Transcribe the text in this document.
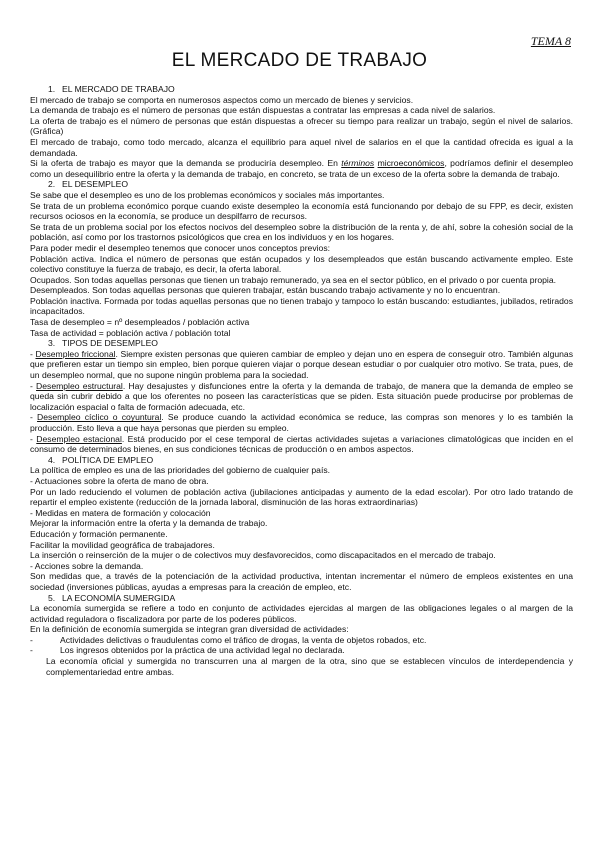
TEMA 8
EL MERCADO DE TRABAJO
1. EL MERCADO DE TRABAJO

El mercado de trabajo se comporta en numerosos aspectos como un mercado de bienes y servicios.

La demanda de trabajo es el número de personas que están dispuestas a contratar las empresas a cada nivel de salarios.

La oferta de trabajo es el número de personas que están dispuestas a ofrecer su tiempo para realizar un trabajo, según el nivel de salarios. (Gráfica)

El mercado de trabajo, como todo mercado, alcanza el equilibrio para aquel nivel de salarios en el que la cantidad ofrecida es igual a la demandada.

Si la oferta de trabajo es mayor que la demanda se produciría desempleo. En términos microeconómicos, podríamos definir el desempleo como un desequilibrio entre la oferta y la demanda de trabajo, en concreto, se trata de un exceso de la oferta sobre la demanda de trabajo.

2. EL DESEMPLEO

Se sabe que el desempleo es uno de los problemas económicos y sociales más importantes.

Se trata de un problema económico porque cuando existe desempleo la economía está funcionando por debajo de su FPP, es decir, existen recursos ociosos en la economía, se produce un despilfarro de recursos.

Se trata de un problema social por los efectos nocivos del desempleo sobre la distribución de la renta y, de ahí, sobre la cohesión social de la población, así como por los trastornos psicológicos que crea en los individuos y en los hogares.

Para poder medir el desempleo tenemos que conocer unos conceptos previos:

Población activa. Indica el número de personas que están ocupados y los desempleados que están buscando activamente empleo. Este colectivo constituye la fuerza de trabajo, es decir, la oferta laboral.

Ocupados. Son todas aquellas personas que tienen un trabajo remunerado, ya sea en el sector público, en el privado o por cuenta propia.

Desempleados. Son todas aquellas personas que quieren trabajar, están buscando trabajo activamente y no lo encuentran.

Población inactiva. Formada por todas aquellas personas que no tienen trabajo y tampoco lo están buscando: estudiantes, jubilados, retirados incapacitados.

Tasa de desempleo = nº desempleados / población activa

Tasa de actividad = población activa / población total

3. TIPOS DE DESEMPLEO

- Desempleo friccional. Siempre existen personas que quieren cambiar de empleo y dejan uno en espera de conseguir otro. También algunas que prefieren estar un tiempo sin empleo, bien porque quieren viajar o porque desean estudiar o por cualquier otro motivo. Se trata, pues, de un desempleo normal, que no supone ningún problema para la sociedad.

- Desempleo estructural. Hay desajustes y disfunciones entre la oferta y la demanda de trabajo, de manera que la demanda de empleo se queda sin cubrir debido a que los oferentes no poseen las características que se piden. Esta situación puede producirse por problemas de localización espacial o falta de formación adecuada, etc.

- Desempleo cíclico o coyuntural. Se produce cuando la actividad económica se reduce, las compras son menores y lo es también la producción. Esto lleva a que haya personas que pierden su empleo.

- Desempleo estacional. Está producido por el cese temporal de ciertas actividades sujetas a variaciones climatológicas que inciden en el consumo de determinados bienes, en sus condiciones técnicas de producción o en ambos aspectos.

4. POLÍTICA DE EMPLEO

La política de empleo es una de las prioridades del gobierno de cualquier país.

- Actuaciones sobre la oferta de mano de obra.

Por un lado reduciendo el volumen de población activa (jubilaciones anticipadas y aumento de la edad escolar). Por otro lado tratando de repartir el empleo existente (reducción de la jornada laboral, disminución de las horas extraordinarias)

- Medidas en matera de formación y colocación

Mejorar la información entre la oferta y la demanda de trabajo.

Educación y formación permanente.

Facilitar la movilidad geográfica de trabajadores.

La inserción o reinserción de la mujer o de colectivos muy desfavorecidos, como discapacitados en el mercado de trabajo.

- Acciones sobre la demanda.

Son medidas que, a través de la potenciación de la actividad productiva, intentan incrementar el número de empleos existentes en una sociedad (inversiones públicas, ayudas a empresas para la creación de empleo, etc.

5. LA ECONOMÍA SUMERGIDA

La economía sumergida se refiere a todo en conjunto de actividades ejercidas al margen de las obligaciones legales o al margen de la actividad reguladora o fiscalizadora por parte de los poderes públicos.

En la definición de economía sumergida se integran gran diversidad de actividades:

-	Actividades delictivas o fraudulentas como el tráfico de drogas, la venta de objetos robados, etc.
-	Los ingresos obtenidos por la práctica de una actividad legal no declarada.

La economía oficial y sumergida no transcurren una al margen de la otra, sino que se establecen vínculos de interdependencia y complementariedad entre ambas.
